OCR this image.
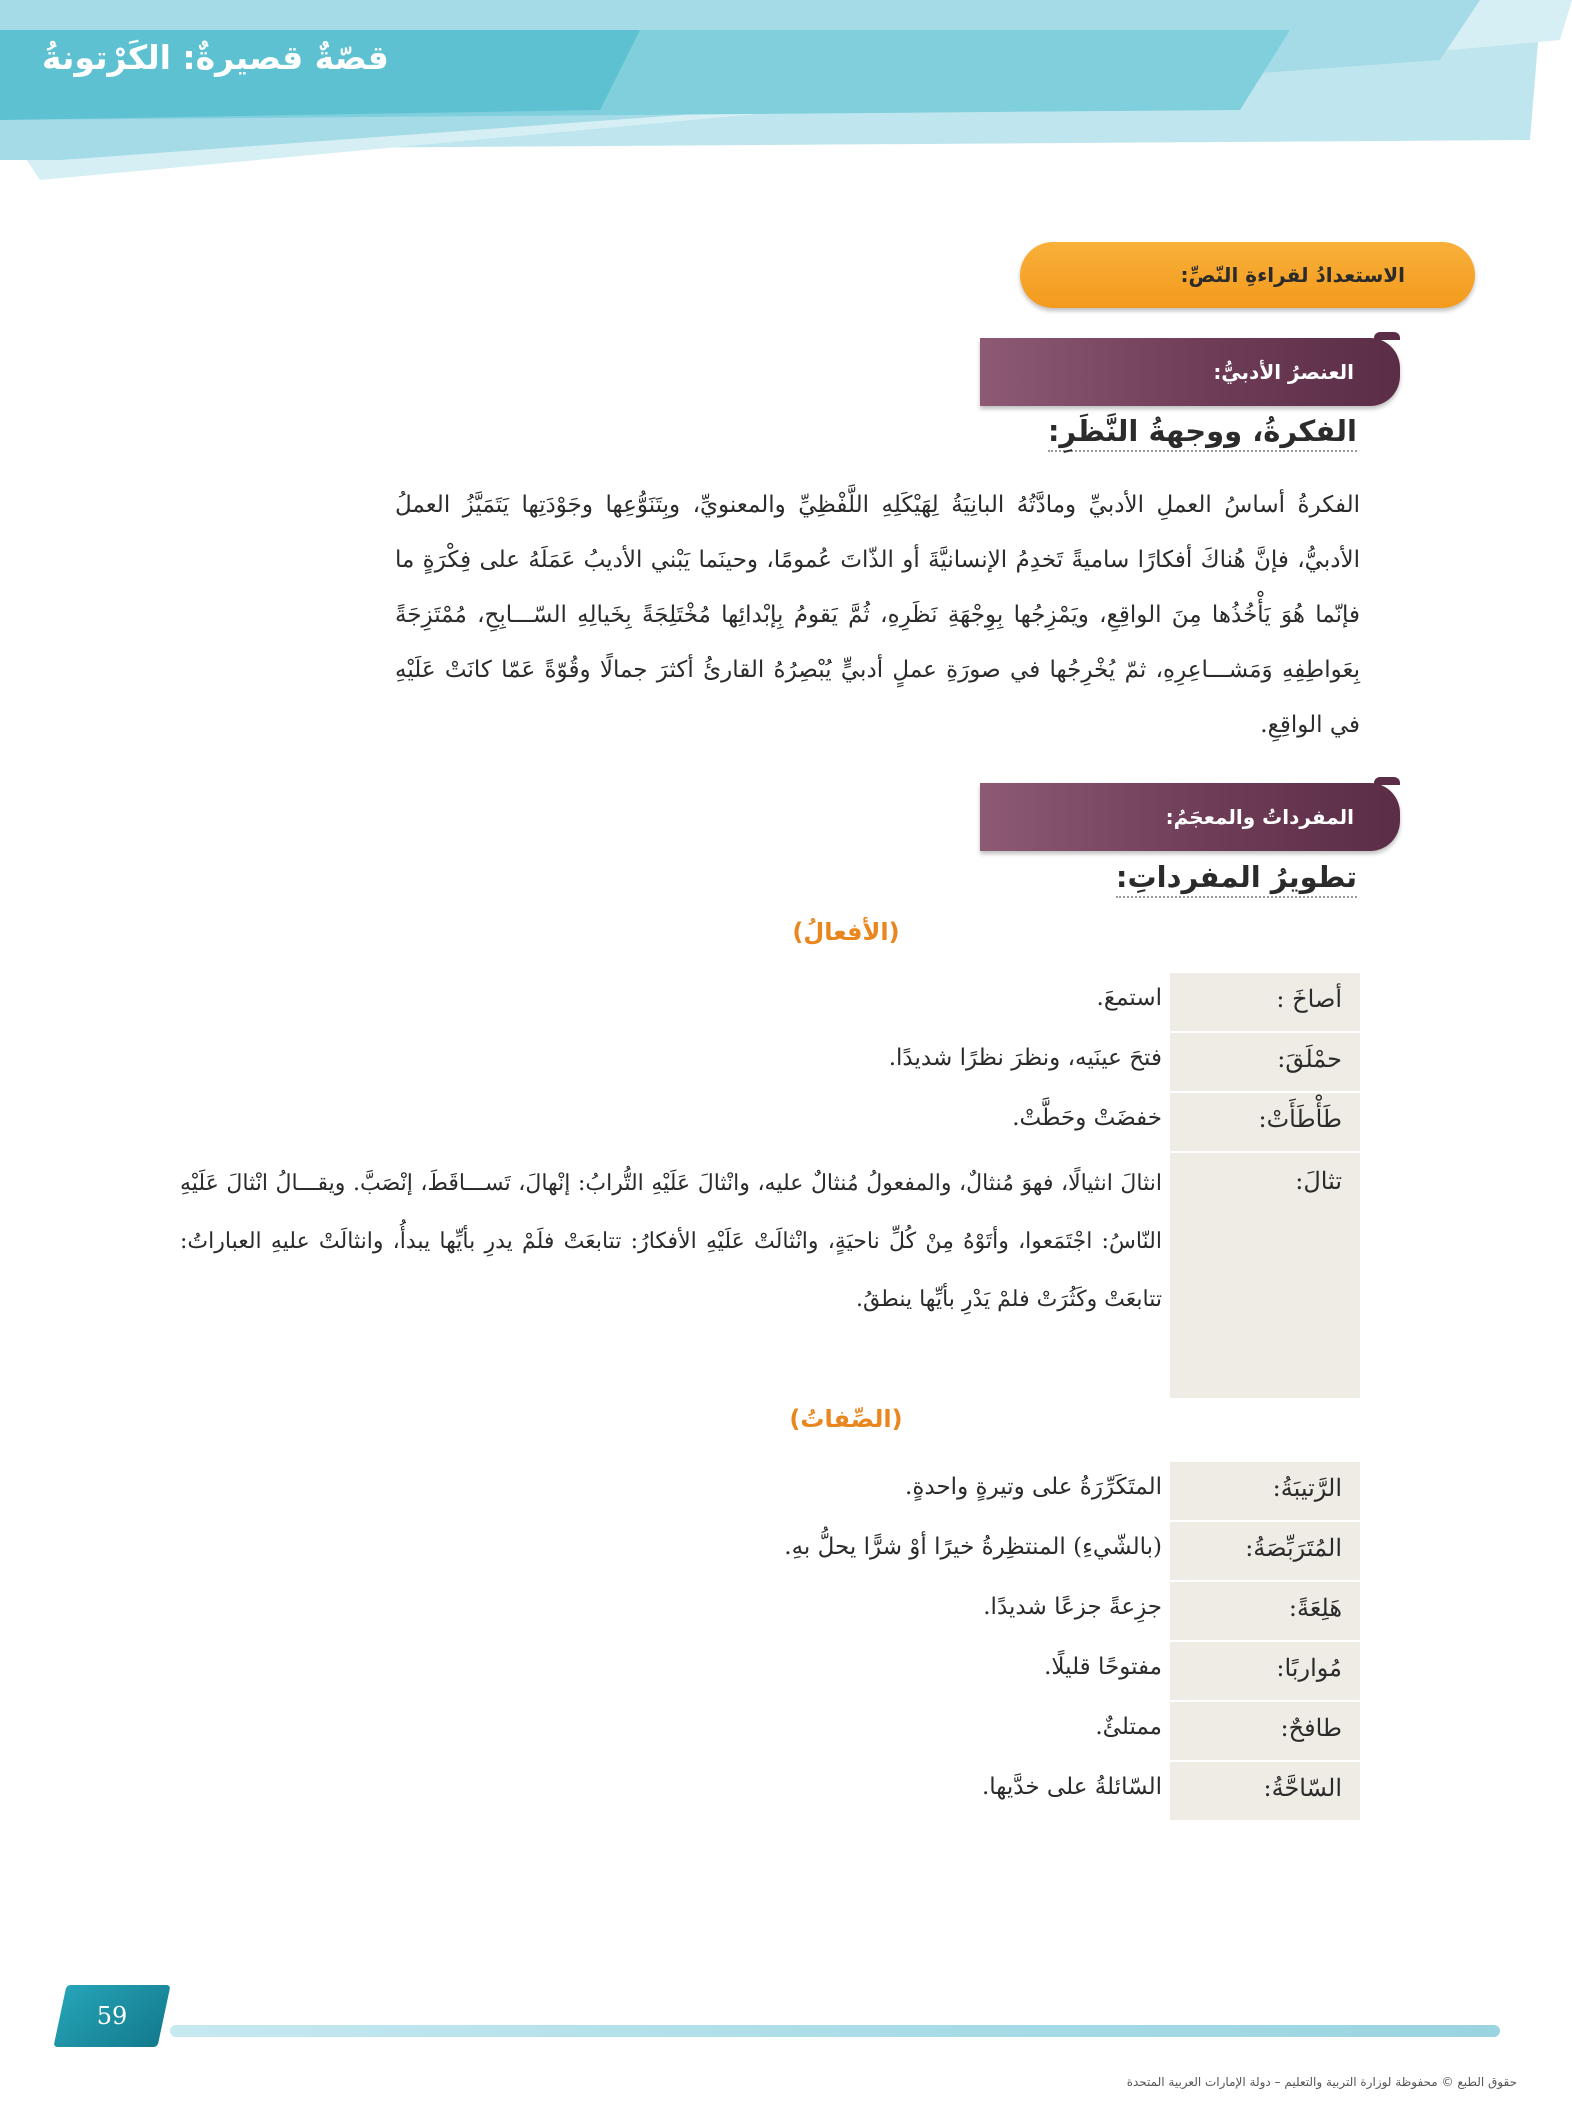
قصّةٌ قصيرةٌ: الكَرْتونةُ
الاستعدادُ لقراءةِ النّصِّ:
العنصرُ الأدبيُّ:
الفكرةُ، ووجهةُ النَّظَرِ:
الفكرةُ أساسُ العملِ الأدبيِّ ومادَّتُهُ البانِيَةُ لِهَيْكَلِهِ اللَّفْظِيِّ والمعنويِّ، وبِتَنَوُّعِها وجَوْدَتِها يَتَمَيَّزُ العملُ الأدبيُّ، فإنَّ هُناكَ أفكارًا ساميةً تَخدِمُ الإنسانيَّةَ أو الذّاتَ عُمومًا، وحينَما يَبْني الأديبُ عَمَلَهُ على فِكْرَةٍ ما فإنّما هُوَ يَأْخُذُها مِنَ الواقِعِ، ويَمْزِجُها بِوِجْهَةِ نَظَرِهِ، ثُمَّ يَقومُ بِإبْدائِها مُخْتَلِجَةً بِخَيالِهِ السّـــابِحِ، مُمْتَزِجَةً بِعَواطِفِهِ وَمَشـــاعِرِهِ، ثمّ يُخْرِجُها في صورَةِ عملٍ أدبيٍّ يُبْصِرُهُ القارئُ أكثرَ جمالًا وقُوّةً عَمّا كانَتْ عَلَيْهِ في الواقِعِ.
المفرداتُ والمعجَمُ:
تطويرُ المفرداتِ:
(الأفعالُ)
أصاخَ :
استمعَ.
حمْلَقَ:
فتحَ عينَيه، ونظرَ نظرًا شديدًا.
طَأْطَأَتْ:
خفضَتْ وحَطَّتْ.
تثالَ:
انثالَ انثيالًا، فهوَ مُنثالٌ، والمفعولُ مُنثالٌ عليه، وانْثالَ عَلَيْهِ التُّرابُ: إنْهالَ، تَســـاقَطَ، إنْصَبَّ. ويقـــالُ انْثالَ عَلَيْهِ النّاسُ: اجْتَمَعوا، وأتَوْهُ مِنْ كُلِّ ناحيَةٍ، وانْثالَتْ عَلَيْهِ الأفكارُ: تتابعَتْ فلَمْ يدرِ بأيِّها يبدأُ، وانثالَتْ عليهِ العباراتُ: تتابعَتْ وكَثُرَتْ فلمْ يَدْرِ بأيِّها ينطقُ.
(الصِّفاتُ)
الرَّتيبَةُ:
المتَكَرِّرَةُ على وتيرةٍ واحدةٍ.
المُتَرَبِّصَةُ:
(بالشّيءِ) المنتظِرةُ خيرًا أوْ شرًّا يحلُّ بهِ.
هَلِعَةً:
جزِعةً جزعًا شديدًا.
مُواربًا:
مفتوحًا قليلًا.
طافحٌ:
ممتلئٌ.
السّاحَّةُ:
السّائلةُ على خدَّيها.
59
حقوق الطبع © محفوظة لوزارة التربية والتعليم – دولة الإمارات العربية المتحدة
